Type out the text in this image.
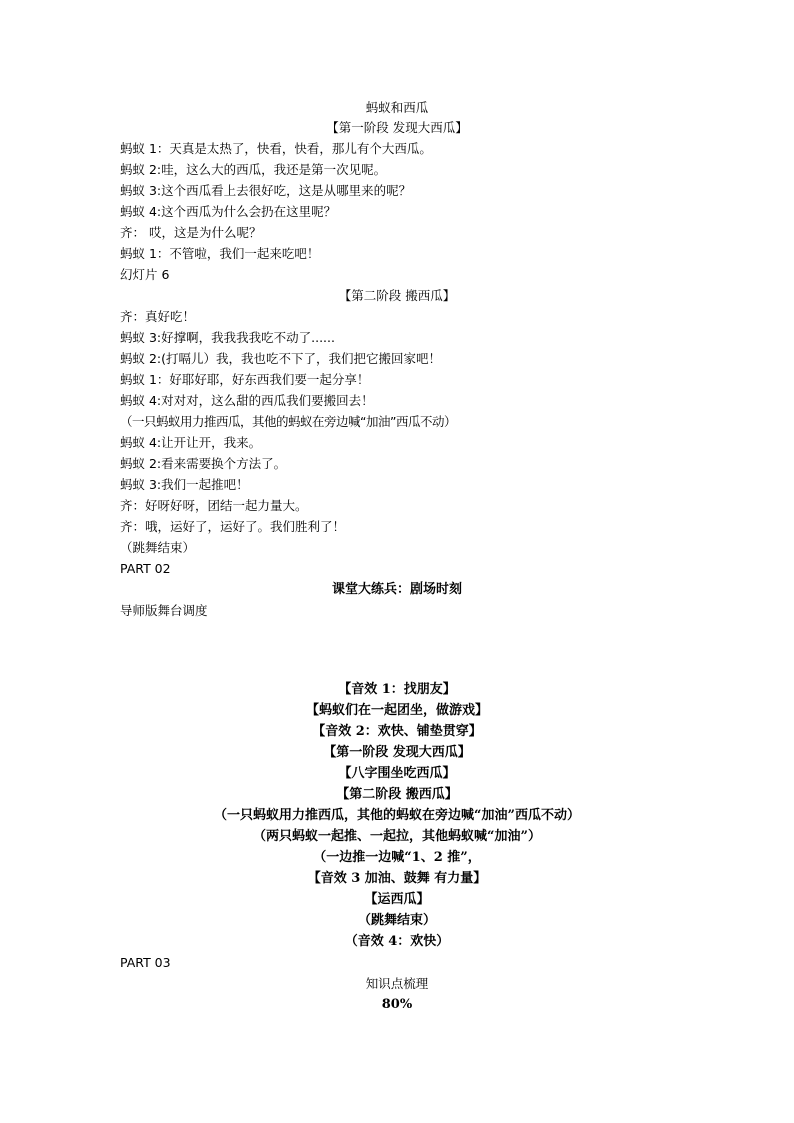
蚂蚁和西瓜
【第一阶段 发现大西瓜】
蚂蚁 1：天真是太热了，快看，快看，那儿有个大西瓜。
蚂蚁 2:哇，这么大的西瓜，我还是第一次见呢。
蚂蚁 3:这个西瓜看上去很好吃，这是从哪里来的呢？
蚂蚁 4:这个西瓜为什么会扔在这里呢？
齐： 哎，这是为什么呢？
蚂蚁 1：不管啦，我们一起来吃吧！
幻灯片 6
【第二阶段 搬西瓜】
齐：真好吃！
蚂蚁 3:好撑啊，我我我我吃不动了......
蚂蚁 2:(打嗝儿）我，我也吃不下了，我们把它搬回家吧！
蚂蚁 1：好耶好耶，好东西我们要一起分享！
蚂蚁 4:对对对，这么甜的西瓜我们要搬回去！
（一只蚂蚁用力推西瓜，其他的蚂蚁在旁边喊“加油”西瓜不动）
蚂蚁 4:让开让开，我来。
蚂蚁 2:看来需要换个方法了。
蚂蚁 3:我们一起推吧！
齐：好呀好呀，团结一起力量大。
齐：哦，运好了，运好了。我们胜利了！
（跳舞结束）
PART 02
课堂大练兵：剧场时刻
导师版舞台调度
【音效 1：找朋友】
【蚂蚁们在一起团坐，做游戏】
【音效 2：欢快、铺垫贯穿】
【第一阶段 发现大西瓜】
【八字围坐吃西瓜】
【第二阶段 搬西瓜】
（一只蚂蚁用力推西瓜，其他的蚂蚁在旁边喊“加油”西瓜不动）
（两只蚂蚁一起推、一起拉，其他蚂蚁喊“加油”）
（一边推一边喊“1、2 推”，
【音效 3 加油、鼓舞 有力量】
【运西瓜】
（跳舞结束）
（音效 4：欢快）
PART 03
知识点梳理
80%
